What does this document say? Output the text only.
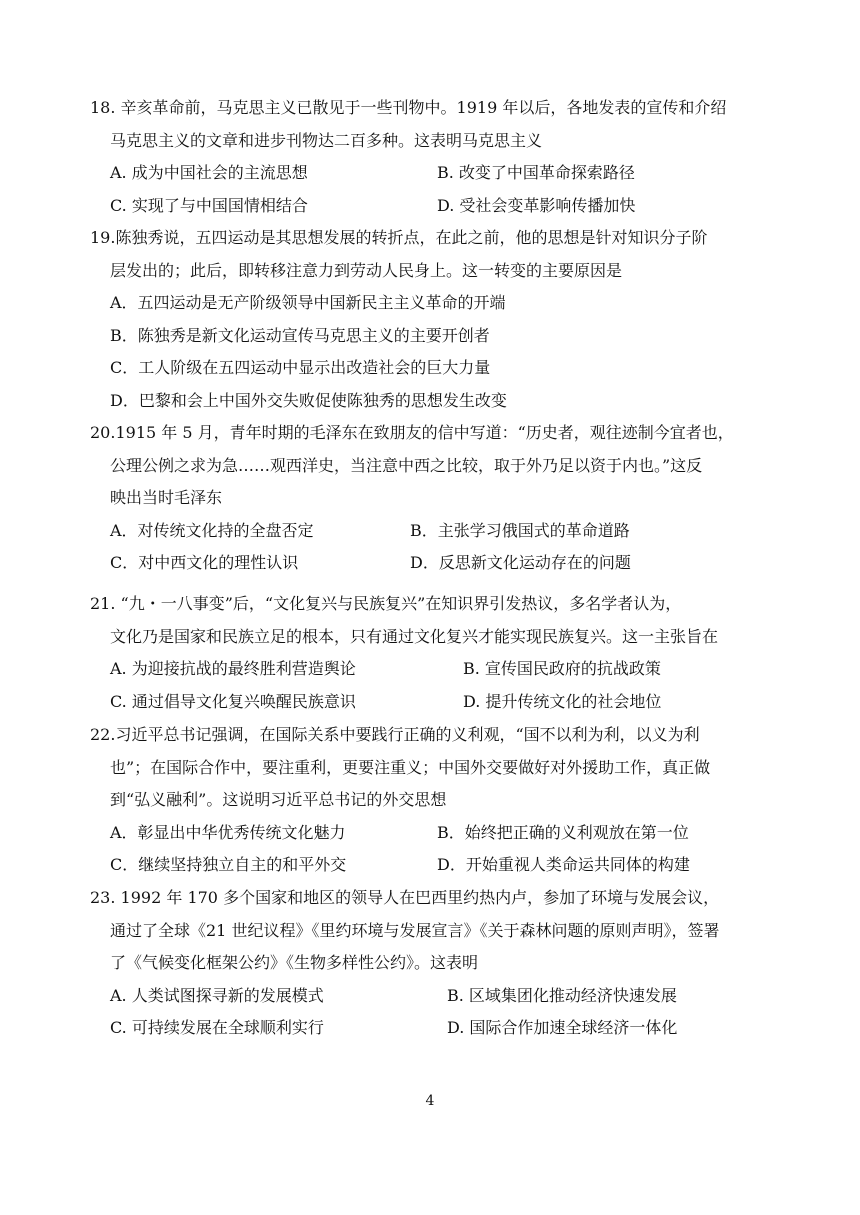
18. 辛亥革命前，马克思主义已散见于一些刊物中。1919 年以后，各地发表的宣传和介绍
马克思主义的文章和进步刊物达二百多种。这表明马克思主义
A. 成为中国社会的主流思想	B. 改变了中国革命探索路径
C. 实现了与中国国情相结合	D. 受社会变革影响传播加快
19.陈独秀说，五四运动是其思想发展的转折点，在此之前，他的思想是针对知识分子阶
层发出的；此后，即转移注意力到劳动人民身上。这一转变的主要原因是
A．五四运动是无产阶级领导中国新民主主义革命的开端
B．陈独秀是新文化运动宣传马克思主义的主要开创者
C．工人阶级在五四运动中显示出改造社会的巨大力量
D．巴黎和会上中国外交失败促使陈独秀的思想发生改变
20.1915 年 5 月，青年时期的毛泽东在致朋友的信中写道：“历史者，观往迹制今宜者也，
公理公例之求为急……观西洋史，当注意中西之比较，取于外乃足以资于内也。”这反
映出当时毛泽东
A．对传统文化持的全盘否定	B．主张学习俄国式的革命道路
C．对中西文化的理性认识	D．反思新文化运动存在的问题
21. “九・一八事变”后，“文化复兴与民族复兴”在知识界引发热议，多名学者认为，
文化乃是国家和民族立足的根本，只有通过文化复兴才能实现民族复兴。这一主张旨在
A. 为迎接抗战的最终胜利营造舆论	B. 宣传国民政府的抗战政策
C. 通过倡导文化复兴唤醒民族意识	D. 提升传统文化的社会地位
22.习近平总书记强调，在国际关系中要践行正确的义利观，“国不以利为利，以义为利
也”；在国际合作中，要注重利，更要注重义；中国外交要做好对外援助工作，真正做
到“弘义融利”。这说明习近平总书记的外交思想
A．彰显出中华优秀传统文化魅力	B．始终把正确的义利观放在第一位
C．继续坚持独立自主的和平外交	D．开始重视人类命运共同体的构建
23. 1992 年 170 多个国家和地区的领导人在巴西里约热内卢，参加了环境与发展会议，
通过了全球《21 世纪议程》《里约环境与发展宣言》《关于森林问题的原则声明》，签署
了《气候变化框架公约》《生物多样性公约》。这表明
A. 人类试图探寻新的发展模式	B. 区域集团化推动经济快速发展
C. 可持续发展在全球顺利实行	D. 国际合作加速全球经济一体化
4
